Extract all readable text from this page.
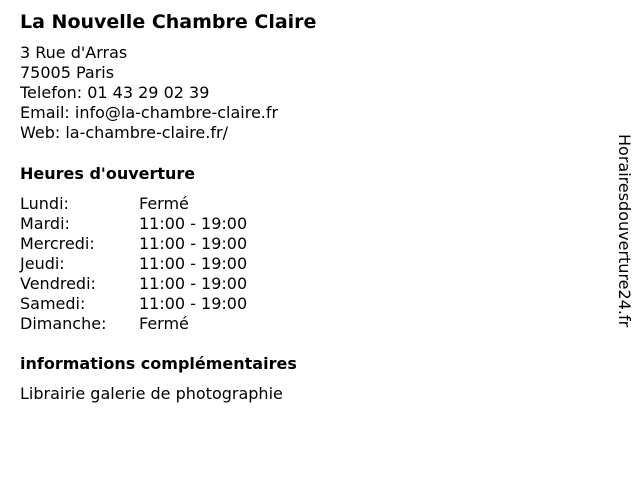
La Nouvelle Chambre Claire
3 Rue d'Arras
75005 Paris
Telefon: 01 43 29 02 39
Email: info@la-chambre-claire.fr
Web: la-chambre-claire.fr/
Heures d'ouverture
Lundi:	Fermé
Mardi:	11:00 - 19:00
Mercredi:	11:00 - 19:00
Jeudi:	11:00 - 19:00
Vendredi:	11:00 - 19:00
Samedi:	11:00 - 19:00
Dimanche: Fermé
informations complémentaires
Librairie galerie de photographie
Horairesdouverture24.fr
